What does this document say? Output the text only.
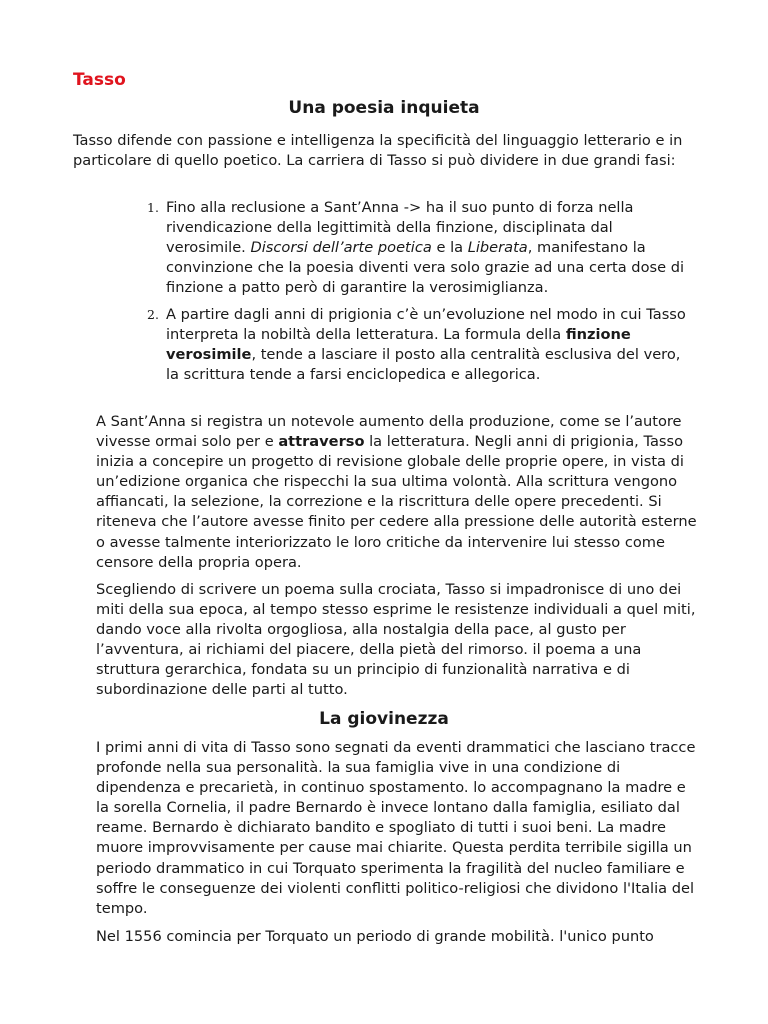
Tasso
Una poesia inquieta

Tasso difende con passione e intelligenza la specificità del linguaggio letterario e in particolare di quello poetico. La carriera di Tasso si può dividere in due grandi fasi:

1. Fino alla reclusione a Sant’Anna -> ha il suo punto di forza nella rivendicazione della legittimità della finzione, disciplinata dal verosimile. Discorsi dell’arte poetica e la Liberata, manifestano la convinzione che la poesia diventi vera solo grazie ad una certa dose di finzione a patto però di garantire la verosimiglianza.

2. A partire dagli anni di prigionia c’è un’evoluzione nel modo in cui Tasso interpreta la nobiltà della letteratura. La formula della finzione verosimile, tende a lasciare il posto alla centralità esclusiva del vero, la scrittura tende a farsi enciclopedica e allegorica.

A Sant’Anna si registra un notevole aumento della produzione, come se l’autore vivesse ormai solo per e attraverso la letteratura. Negli anni di prigionia, Tasso inizia a concepire un progetto di revisione globale delle proprie opere, in vista di un’edizione organica che rispecchi la sua ultima volontà. Alla scrittura vengono affiancati, la selezione, la correzione e la riscrittura delle opere precedenti. Si riteneva che l’autore avesse finito per cedere alla pressione delle autorità esterne o avesse talmente interiorizzato le loro critiche da intervenire lui stesso come censore della propria opera.

Scegliendo di scrivere un poema sulla crociata, Tasso si impadronisce di uno dei miti della sua epoca, al tempo stesso esprime le resistenze individuali a quel miti, dando voce alla rivolta orgogliosa, alla nostalgia della pace, al gusto per l’avventura, ai richiami del piacere, della pietà del rimorso. il poema a una struttura gerarchica, fondata su un principio di funzionalità narrativa e di subordinazione delle parti al tutto.

La giovinezza

I primi anni di vita di Tasso sono segnati da eventi drammatici che lasciano tracce profonde nella sua personalità. la sua famiglia vive in una condizione di dipendenza e precarietà, in continuo spostamento. lo accompagnano la madre e la sorella Cornelia, il padre Bernardo è invece lontano dalla famiglia, esiliato dal reame. Bernardo è dichiarato bandito e spogliato di tutti i suoi beni. La madre muore improvvisamente per cause mai chiarite. Questa perdita terribile sigilla un periodo drammatico in cui Torquato sperimenta la fragilità del nucleo familiare e soffre le conseguenze dei violenti conflitti politico-religiosi che dividono l'Italia del tempo.

Nel 1556 comincia per Torquato un periodo di grande mobilità. l'unico punto
